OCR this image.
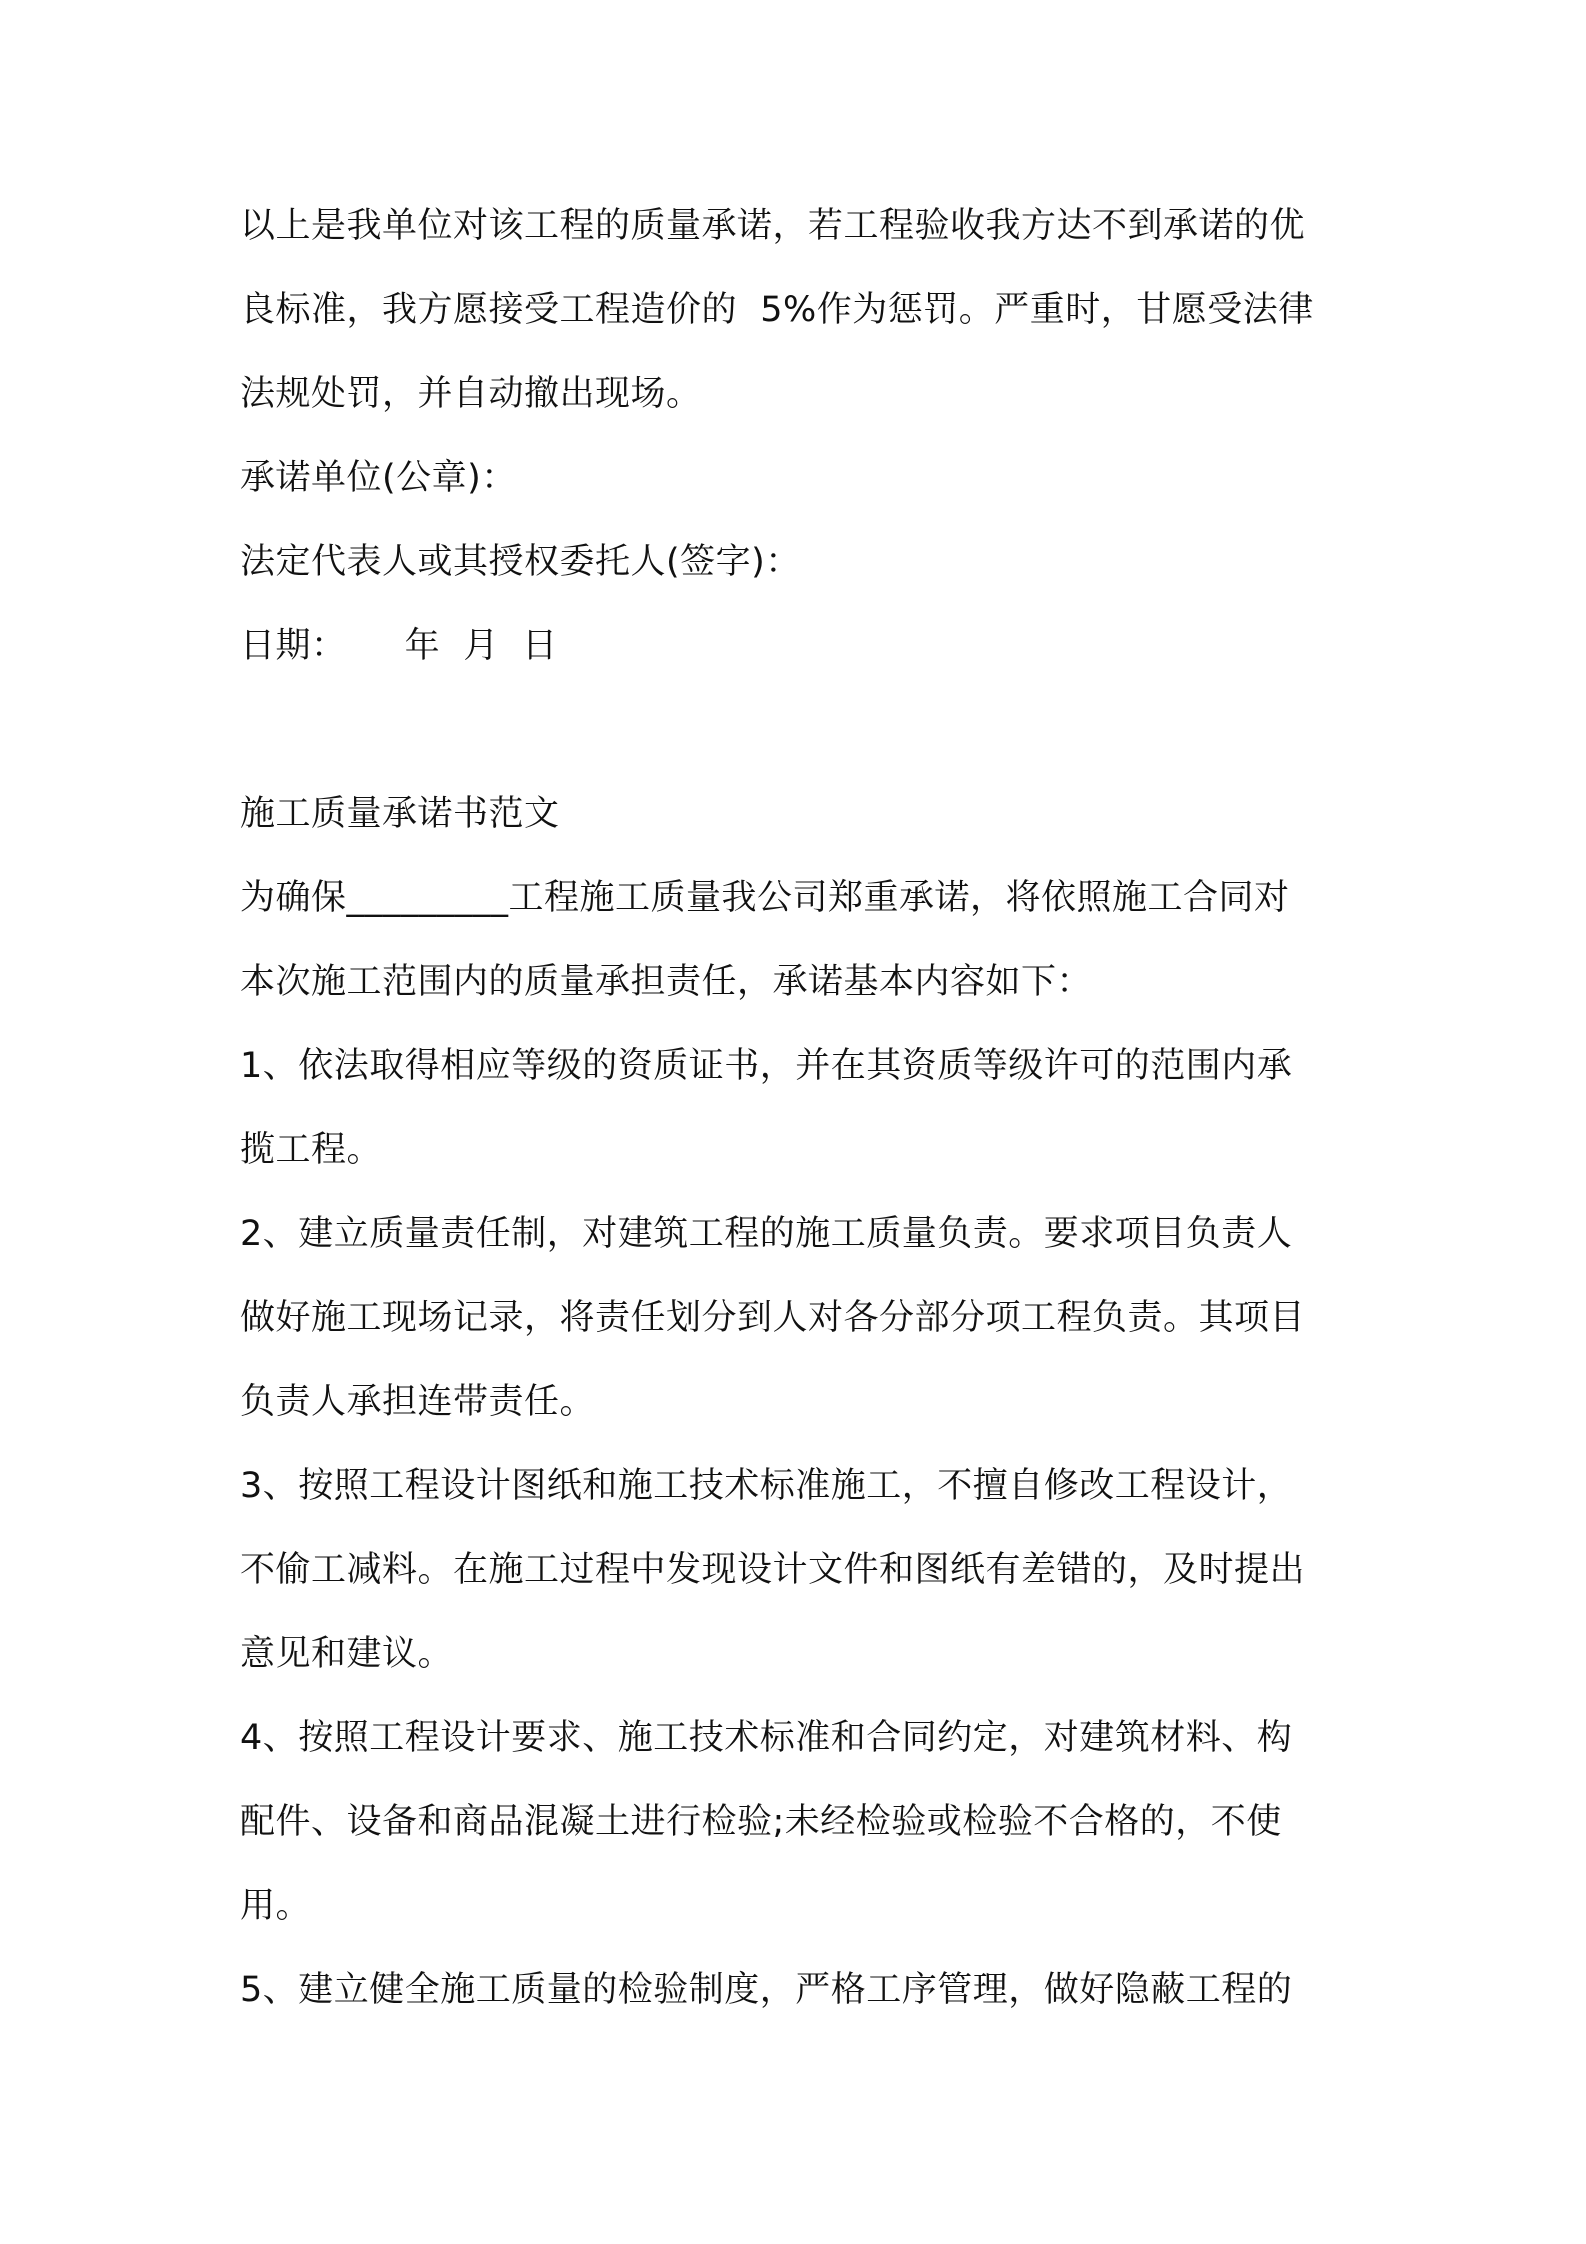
以上是我单位对该工程的质量承诺，若工程验收我方达不到承诺的优
良标准，我方愿接受工程造价的  5%作为惩罚。严重时，甘愿受法律
法规处罚，并自动撤出现场。
承诺单位(公章)：
法定代表人或其授权委托人(签字)：
日期：     年  月  日
施工质量承诺书范文
为确保_________工程施工质量我公司郑重承诺，将依照施工合同对
本次施工范围内的质量承担责任，承诺基本内容如下：
1、依法取得相应等级的资质证书，并在其资质等级许可的范围内承
揽工程。
2、建立质量责任制，对建筑工程的施工质量负责。要求项目负责人
做好施工现场记录，将责任划分到人对各分部分项工程负责。其项目
负责人承担连带责任。
3、按照工程设计图纸和施工技术标准施工，不擅自修改工程设计，
不偷工减料。在施工过程中发现设计文件和图纸有差错的，及时提出
意见和建议。
4、按照工程设计要求、施工技术标准和合同约定，对建筑材料、构
配件、设备和商品混凝土进行检验;未经检验或检验不合格的，不使
用。
5、建立健全施工质量的检验制度，严格工序管理，做好隐蔽工程的
